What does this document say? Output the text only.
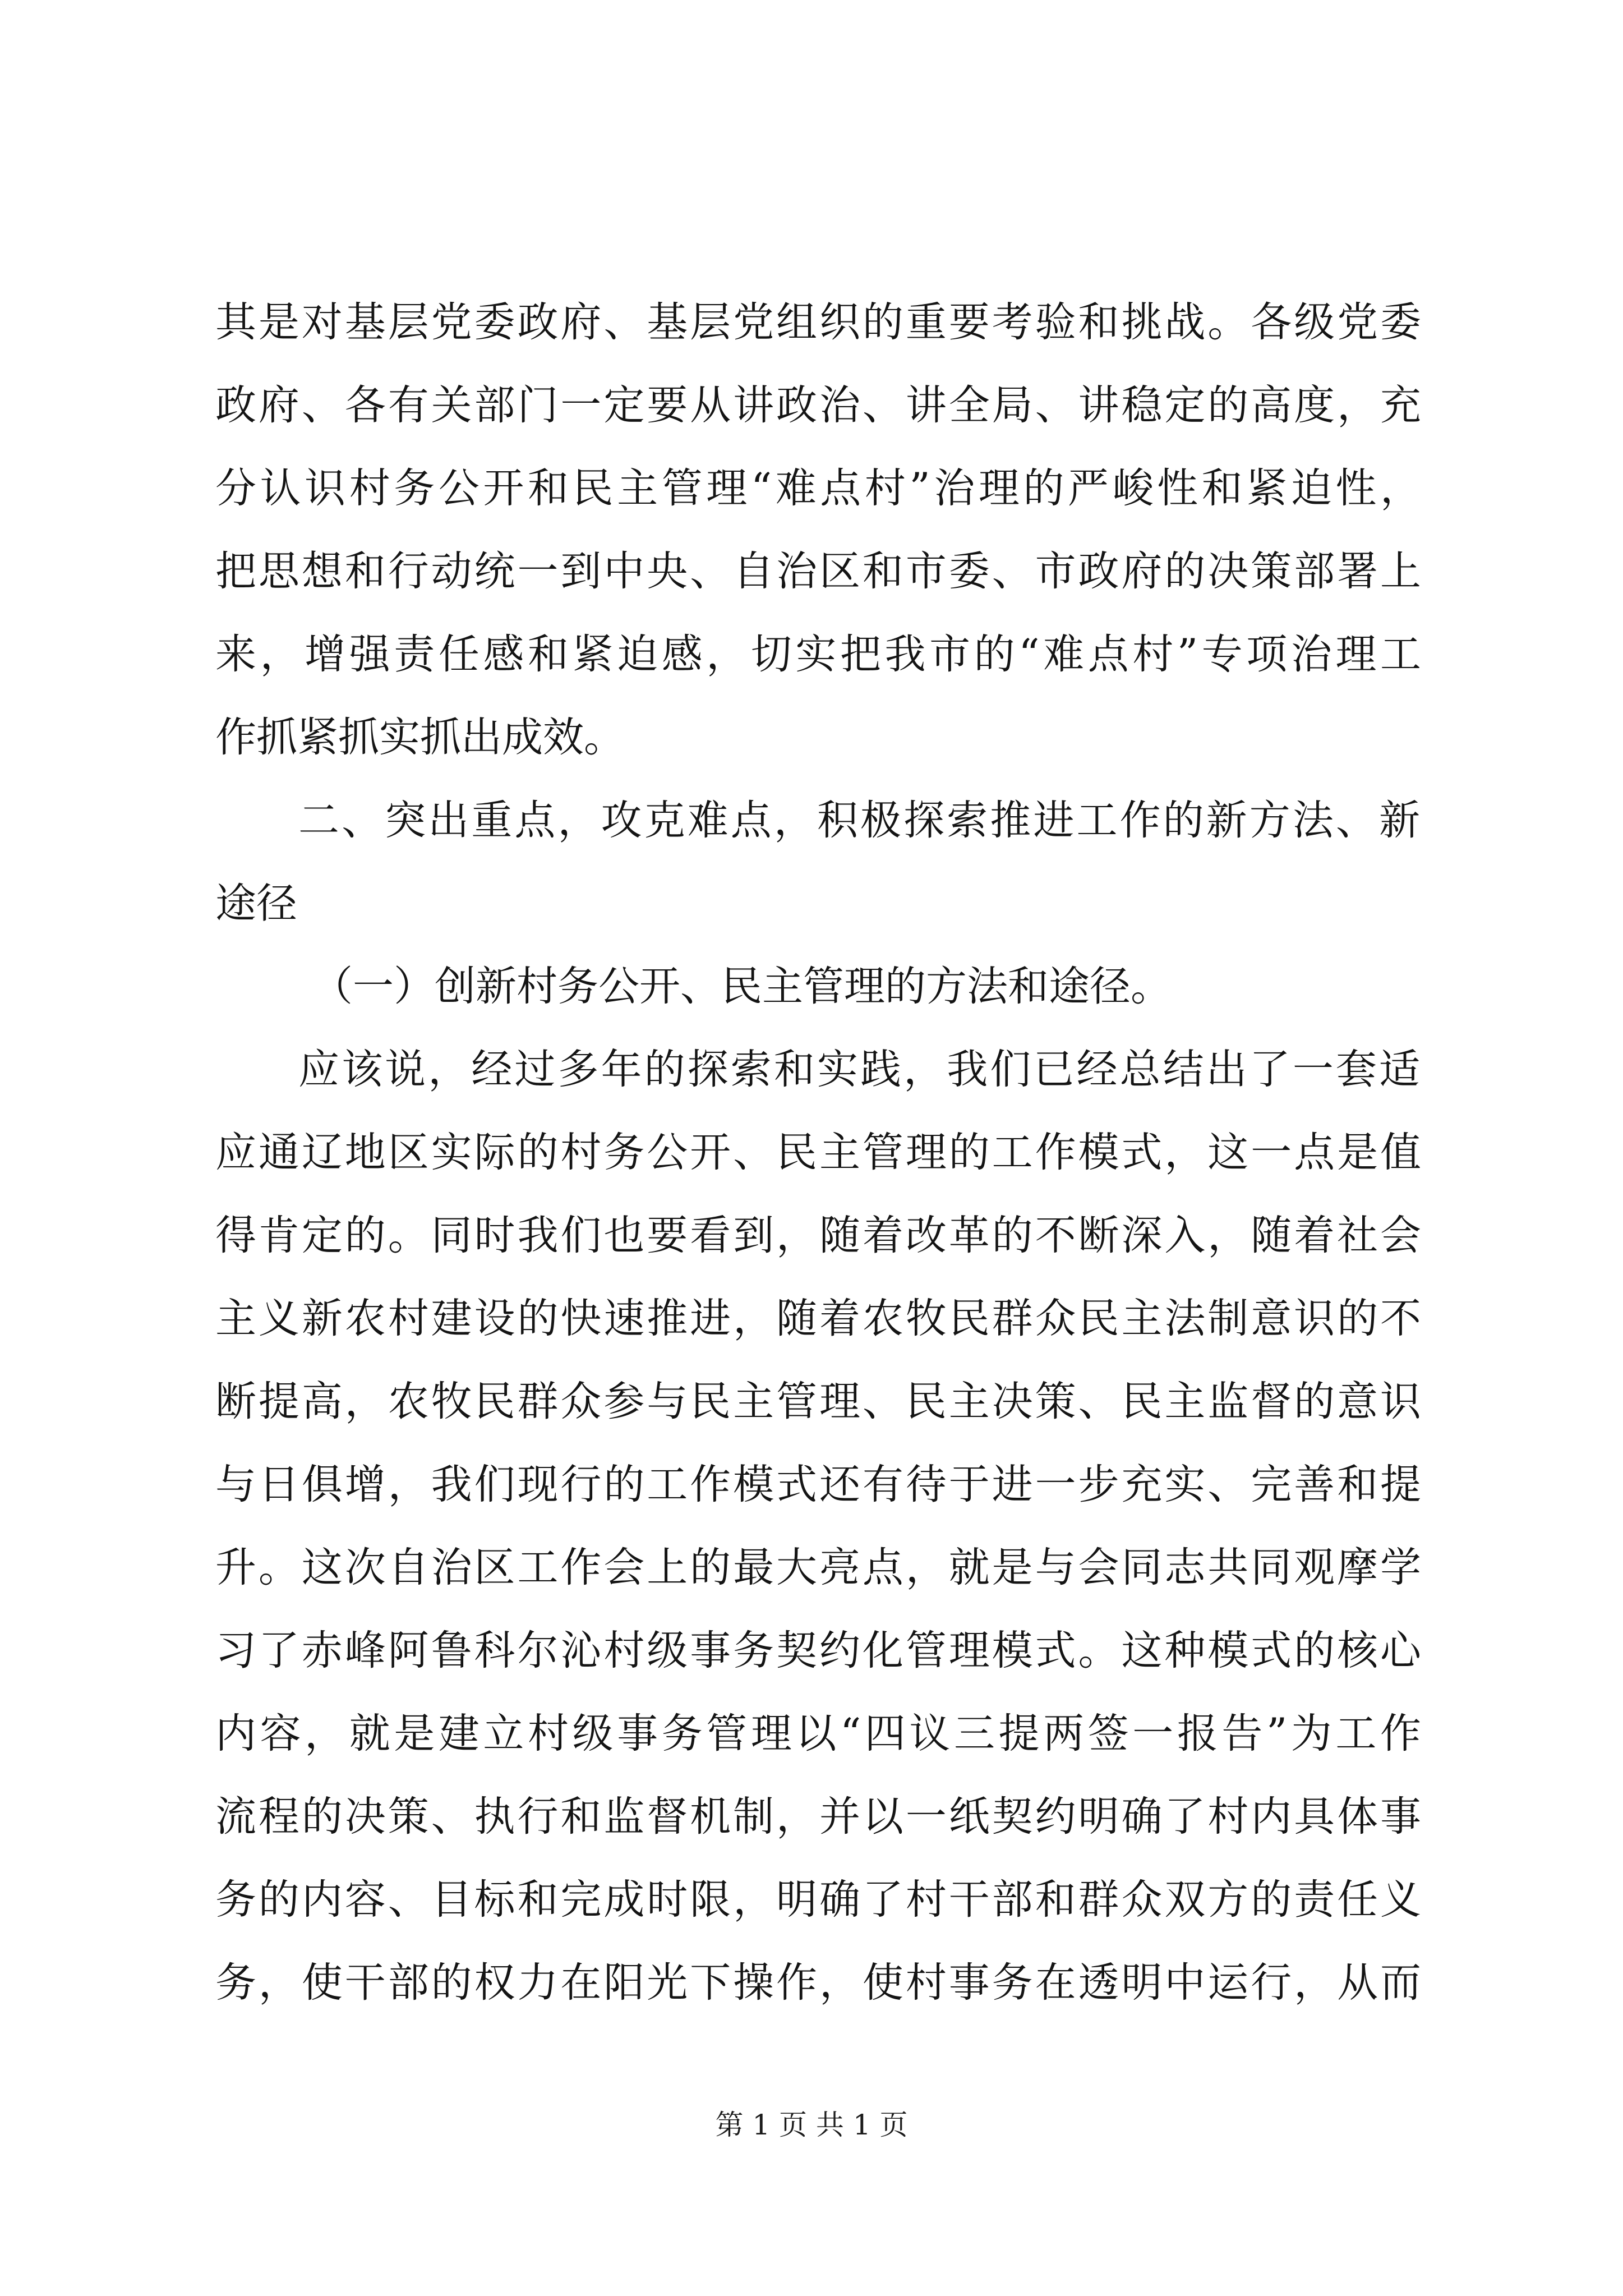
其是对基层党委政府、基层党组织的重要考验和挑战。各级党委
政府、各有关部门一定要从讲政治、讲全局、讲稳定的高度，充
分认识村务公开和民主管理“难点村”治理的严峻性和紧迫性，
把思想和行动统一到中央、自治区和市委、市政府的决策部署上
来，增强责任感和紧迫感，切实把我市的“难点村”专项治理工
作抓紧抓实抓出成效。
二、突出重点，攻克难点，积极探索推进工作的新方法、新
途径
（一）创新村务公开、民主管理的方法和途径。
应该说，经过多年的探索和实践，我们已经总结出了一套适
应通辽地区实际的村务公开、民主管理的工作模式，这一点是值
得肯定的。同时我们也要看到，随着改革的不断深入，随着社会
主义新农村建设的快速推进，随着农牧民群众民主法制意识的不
断提高，农牧民群众参与民主管理、民主决策、民主监督的意识
与日俱增，我们现行的工作模式还有待于进一步充实、完善和提
升。这次自治区工作会上的最大亮点，就是与会同志共同观摩学
习了赤峰阿鲁科尔沁村级事务契约化管理模式。这种模式的核心
内容，就是建立村级事务管理以“四议三提两签一报告”为工作
流程的决策、执行和监督机制，并以一纸契约明确了村内具体事
务的内容、目标和完成时限，明确了村干部和群众双方的责任义
务，使干部的权力在阳光下操作，使村事务在透明中运行，从而
第 1 页 共 1 页
